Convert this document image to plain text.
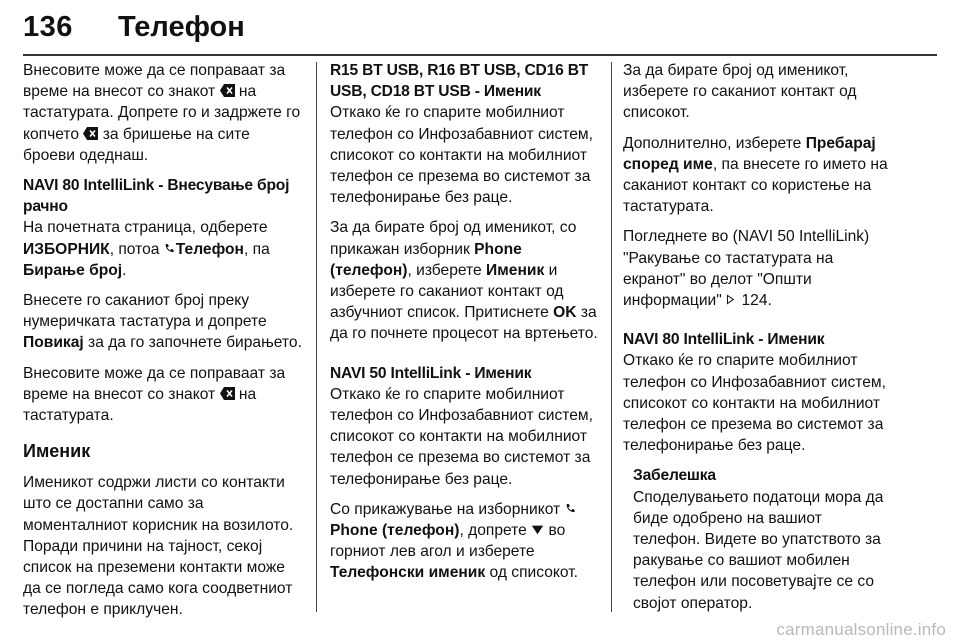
136 Телефон

Внесовите може да се поправаат за време на внесот со знакот  на тастатурата. Допрете го и задржете го копчето  за бришење на сите броеви одеднаш.

NAVI 80 IntelliLink - Внесување број рачно

На почетната страница, одберете ИЗБОРНИК, потоа Телефон, па Бирање број.

Внесете го саканиот број преку нумеричката тастатура и допрете Повикај за да го започнете бирањето.

Внесовите може да се поправаат за време на внесот со знакот  на тастатурата.

Именик

Именикот содржи листи со контакти што се достапни само за моменталниот корисник на возилото. Поради причини на тајност, секој список на преземени контакти може да се погледа само кога соодветниот телефон е приклучен.

R15 BT USB, R16 BT USB, CD16 BT USB, CD18 BT USB - Именик

Откако ќе го спарите мобилниот телефон со Инфозабавниот систем, списокот со контакти на мобилниот телефон се презема во системот за телефонирање без раце.

За да бирате број од именикот, со прикажан изборник Phone (телефон), изберете Именик и изберете го саканиот контакт од азбучниот список. Притиснете OK за да го почнете процесот на вртењето.

NAVI 50 IntelliLink - Именик

Откако ќе го спарите мобилниот телефон со Инфозабавниот систем, списокот со контакти на мобилниот телефон се презема во системот за телефонирање без раце.

Со прикажување на изборникот Phone (телефон), допрете  во горниот лев агол и изберете Телефонски именик од списокот.

За да бирате број од именикот, изберете го саканиот контакт од списокот.

Дополнително, изберете Пребарај според име, па внесете го името на саканиот контакт со користење на тастатурата.

Погледнете во (NAVI 50 IntelliLink) "Ракување со тастатурата на екранот" во делот "Општи информации"  124.

NAVI 80 IntelliLink - Именик

Откако ќе го спарите мобилниот телефон со Инфозабавниот систем, списокот со контакти на мобилниот телефон се презема во системот за телефонирање без раце.

Забелешка

Споделувањето податоци мора да биде одобрено на вашиот телефон. Видете во упатството за ракување со вашиот мобилен телефон или посоветувајте се со својот оператор.

carmanualsonline.info
